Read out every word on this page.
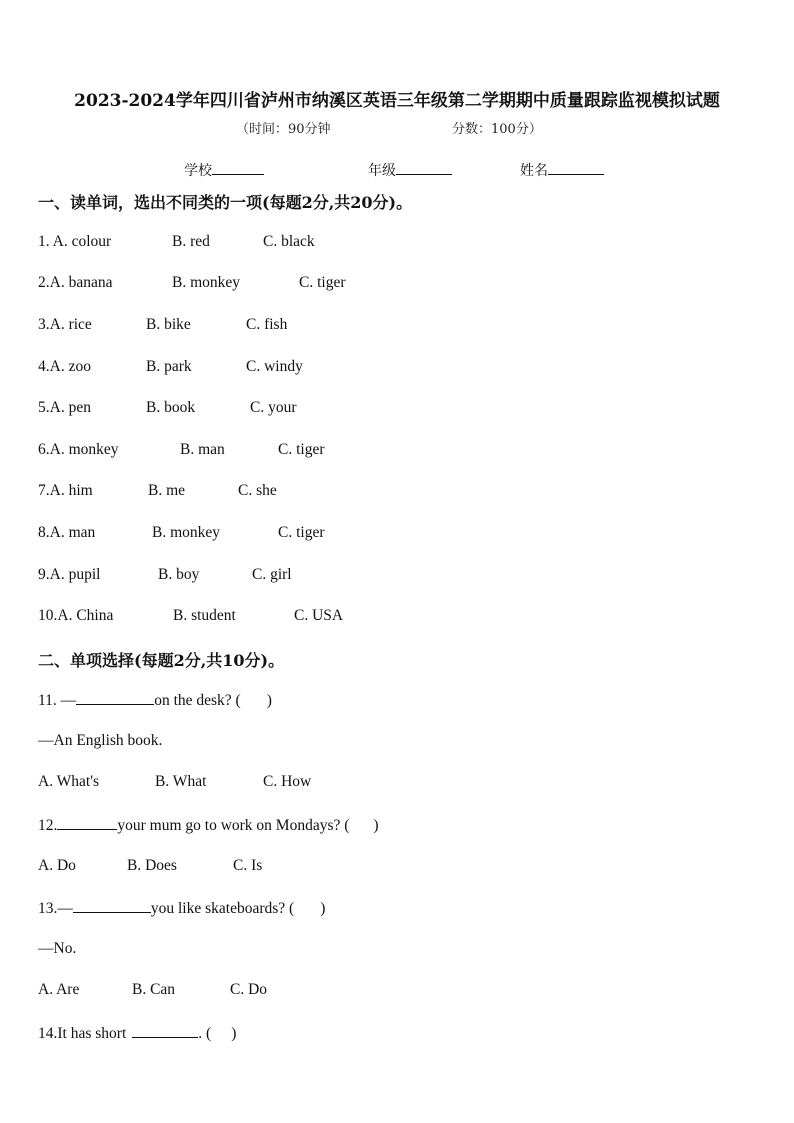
2023-2024学年四川省泸州市纳溪区英语三年级第二学期期中质量跟踪监视模拟试题
（时间：90分钟	分数：100分）
学校	年级	姓名
一、读单词，选出不同类的一项(每题2分,共20分)。
1. A. colour	B. red	C. black
2.A. banana	B. monkey	C. tiger
3.A. rice	B. bike	C. fish
4.A. zoo	B. park	C. windy
5.A. pen	B. book	C. your
6.A. monkey	B. man	C. tiger
7.A. him	B. me	C. she
8.A. man	B. monkey	C. tiger
9.A. pupil	B. boy	C. girl
10.A. China	B. student	C. USA
二、单项选择(每题2分,共10分)。
11. —	on the desk? ( )
—An English book.
A. What's	B. What	C. How
12.	your mum go to work on Mondays? ( )
A. Do	B. Does	C. Is
13.—	you like skateboards? ( )
—No.
A. Are	B. Can	C. Do
14.It has short	. ( )
